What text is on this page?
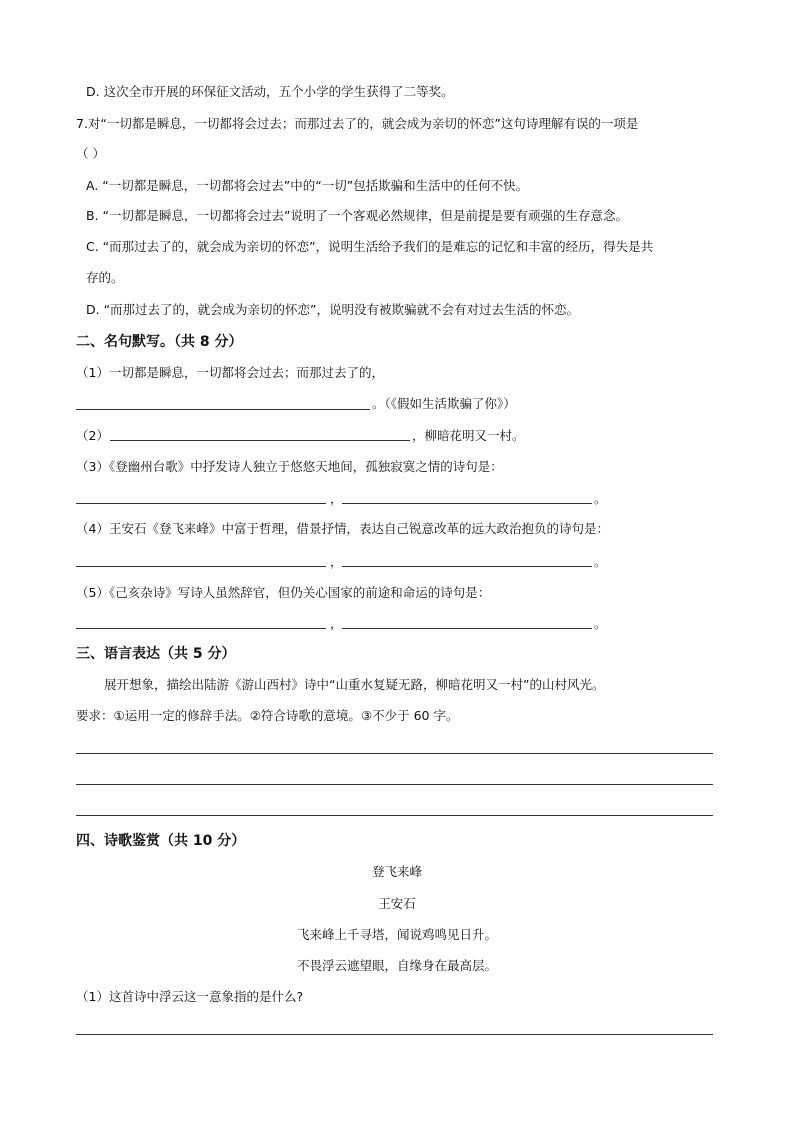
D. 这次全市开展的环保征文活动，五个小学的学生获得了二等奖。
7.对“一切都是瞬息，一切都将会过去；而那过去了的，就会成为亲切的怀恋”这句诗理解有误的一项是
（ ）
A. “一切都是瞬息，一切都将会过去”中的“一切”包括欺骗和生活中的任何不快。
B. “一切都是瞬息，一切都将会过去”说明了一个客观必然规律，但是前提是要有顽强的生存意念。
C. “而那过去了的，就会成为亲切的怀恋”，说明生活给予我们的是难忘的记忆和丰富的经历，得失是共
存的。
D. “而那过去了的，就会成为亲切的怀恋”，说明没有被欺骗就不会有对过去生活的怀恋。
二、名句默写。（共 8 分）
（1）一切都是瞬息，一切都将会过去；而那过去了的，
。（《假如生活欺骗了你》）
（2）	，柳暗花明又一村。
（3）《登幽州台歌》中抒发诗人独立于悠悠天地间，孤独寂寞之情的诗句是：
，	。
（4）王安石《登飞来峰》中富于哲理，借景抒情，表达自己锐意改革的远大政治抱负的诗句是：
，	。
（5）《己亥杂诗》写诗人虽然辞官，但仍关心国家的前途和命运的诗句是：
，	。
三、语言表达（共 5 分）
展开想象，描绘出陆游《游山西村》诗中“山重水复疑无路，柳暗花明又一村”的山村风光。
要求：①运用一定的修辞手法。②符合诗歌的意境。③不少于 60 字。
四、诗歌鉴赏（共 10 分）
登飞来峰
王安石
飞来峰上千寻塔，闻说鸡鸣见日升。
不畏浮云遮望眼，自缘身在最高层。
（1）这首诗中浮云这一意象指的是什么?
